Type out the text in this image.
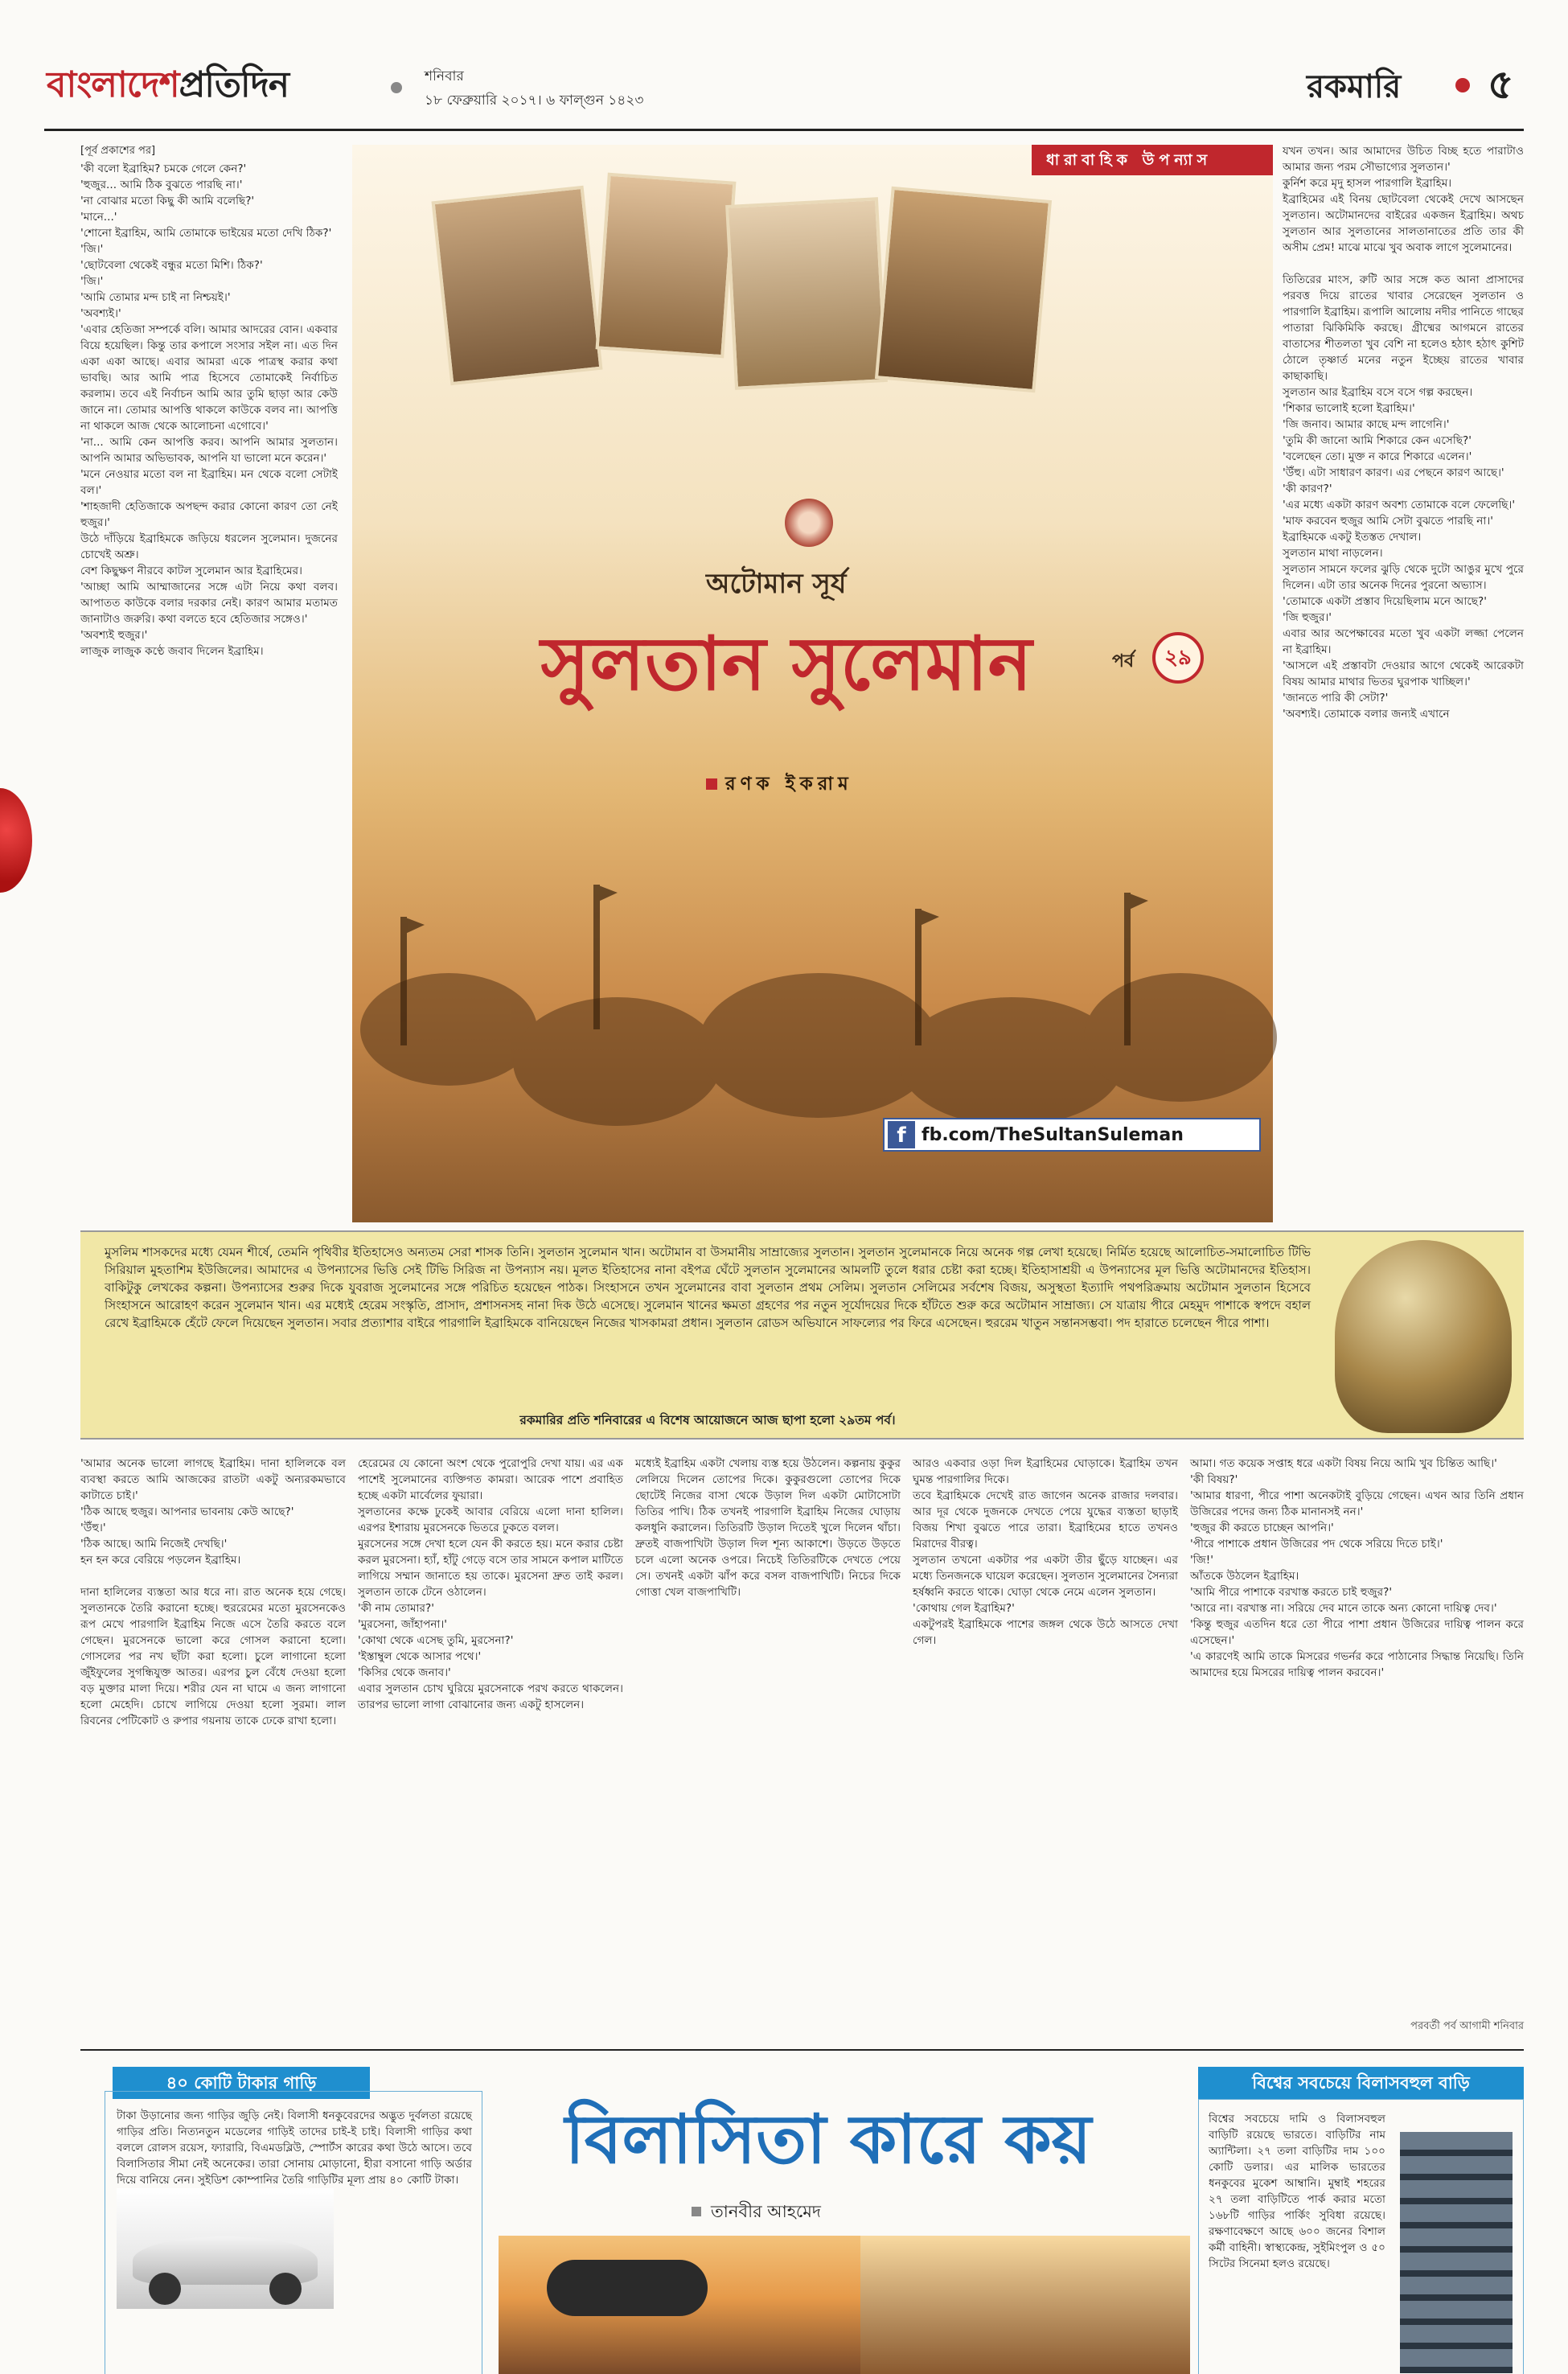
বাংলাদেশপ্রতিদিন	শনিবার
১৮ ফেব্রুয়ারি ২০১৭। ৬ ফাল্গুন ১৪২৩	রকমারি ৫
[পূর্ব প্রকাশের পর]
'কী বলো ইব্রাহিম? চমকে গেলে কেন?'
'হুজুর... আমি ঠিক বুঝতে পারছি না।'
'না বোঝার মতো কিছু কী আমি বলেছি?'
'মানে...'
'শোনো ইব্রাহিম, আমি তোমাকে ভাইয়ের মতো দেখি ঠিক?'
'জি।'
'ছোটবেলা থেকেই বন্ধুর মতো মিশি। ঠিক?'
'জি।'
'আমি তোমার মন্দ চাই না নিশ্চয়ই।'
'অবশ্যই।'
'এবার হেতিজা সম্পর্কে বলি। আমার আদরের বোন। একবার বিয়ে হয়েছিল। কিন্তু তার কপালে সংসার সইল না। এত দিন একা একা আছে। এবার আমরা একে পাত্রস্থ করার কথা ভাবছি। আর আমি পাত্র হিসেবে তোমাকেই নির্বাচিত করলাম। তবে এই নির্বাচন আমি আর তুমি ছাড়া আর কেউ জানে না। তোমার আপত্তি থাকলে কাউকে বলব না। আপত্তি না থাকলে আজ থেকে আলোচনা এগোবে।'
'না... আমি কেন আপত্তি করব। আপনি আমার সুলতান। আপনি আমার অভিভাবক, আপনি যা ভালো মনে করেন।'
'মনে নেওয়ার মতো বল না ইব্রাহিম। মন থেকে বলো সেটাই বল।'
'শাহজাদী হেতিজাকে অপছন্দ করার কোনো কারণ তো নেই হুজুর।'
উঠে দাঁড়িয়ে ইব্রাহিমকে জড়িয়ে ধরলেন সুলেমান। দুজনের চোখেই অশ্রু।
বেশ কিছুক্ষণ নীরবে কাটল সুলেমান আর ইব্রাহিমের।
'আচ্ছা আমি আম্মাজানের সঙ্গে এটা নিয়ে কথা বলব। আপাতত কাউকে বলার দরকার নেই। কারণ আমার মতামত জানাটাও জরুরি। কথা বলতে হবে হেতিজার সঙ্গেও।'
'অবশ্যই হুজুর।'
লাজুক লাজুক কণ্ঠে জবাব দিলেন ইব্রাহিম।
ধারাবাহিক উপন্যাস
অটোমান সূর্য
সুলতান সুলেমান	পর্ব	২৯
রণক ইকরাম
f fb.com/TheSultanSuleman
যখন তখন। আর আমাদের উচিত বিচ্ছ হতে পারাটাও আমার জন্য পরম সৌভাগ্যের সুলতান।'
কুর্নিশ করে মৃদু হাসল পারগালি ইব্রাহিম।
ইব্রাহিমের এই বিনয় ছোটবেলা থেকেই দেখে আসছেন সুলতান। অটোমানদের বাইরের একজন ইব্রাহিম। অথচ সুলতান আর সুলতানের সালতানাতের প্রতি তার কী অসীম প্রেম! মাঝে মাঝে খুব অবাক লাগে সুলেমানের।

তিতিরের মাংস, রুটি আর সঙ্গে কত আনা প্রাসাদের পরবত্ত দিয়ে রাতের খাবার সেরেছেন সুলতান ও পারগালি ইব্রাহিম। রূপালি আলোয় নদীর পানিতে গাছের পাতারা ঝিকিমিকি করছে। গ্রীষ্মের আগমনে রাতের বাতাসের শীতলতা খুব বেশি না হলেও হঠাৎ হঠাৎ কুশিট ঠোলে তৃষ্ণার্ত মনের নতুন ইচ্ছেয় রাতের খাবার কাছাকাছি।
সুলতান আর ইব্রাহিম বসে বসে গল্প করছেন।
'শিকার ভালোই হলো ইব্রাহিম।'
'জি জনাব। আমার কাছে মন্দ লাগেনি।'
'তুমি কী জানো আমি শিকারে কেন এসেছি?'
'বলেছেন তো। মুক্ত ন কারে শিকারে এলেন।'
'উঁহু। এটা সাধারণ কারণ। এর পেছনে কারণ আছে।'
'কী কারণ?'
'এর মধ্যে একটা কারণ অবশ্য তোমাকে বলে ফেলেছি।'
'মাফ করবেন হুজুর আমি সেটা বুঝতে পারছি না।'
ইব্রাহিমকে একটু ইতস্তত দেখাল।
সুলতান মাথা নাড়লেন।
সুলতান সামনে ফলের ঝুড়ি থেকে দুটো আঙুর মুখে পুরে দিলেন। এটা তার অনেক দিনের পুরনো অভ্যাস।
'তোমাকে একটা প্রস্তাব দিয়েছিলাম মনে আছে?'
'জি হুজুর।'
এবার আর অপেক্ষাবের মতো খুব একটা লজ্জা পেলেন না ইব্রাহিম।
'আসলে এই প্রস্তাবটা দেওয়ার আগে থেকেই আরেকটা বিষয় আমার মাথার ভিতর ঘুরপাক খাচ্ছিল।'
'জানতে পারি কী সেটা?'
'অবশ্যই। তোমাকে বলার জন্যই এখানে
মুসলিম শাসকদের মধ্যে যেমন শীর্ষে, তেমনি পৃথিবীর ইতিহাসেও অন্যতম সেরা শাসক তিনি। সুলতান সুলেমান খান। অটোমান বা উসমানীয় সাম্রাজ্যের সুলতান। সুলতান সুলেমানকে নিয়ে অনেক গল্প লেখা হয়েছে। নির্মিত হয়েছে আলোচিত-সমালোচিত টিভি সিরিয়াল মুহতাশিম ইউজিলের। আমাদের এ উপন্যাসের ভিত্তি সেই টিভি সিরিজ না উপন্যাস নয়। মূলত ইতিহাসের নানা বইপত্র ঘেঁটে সুলতান সুলেমানের আমলটি তুলে ধরার চেষ্টা করা হচ্ছে। ইতিহাসাশ্রয়ী এ উপন্যাসের মূল ভিত্তি অটোমানদের ইতিহাস। বাকিটুকু লেখকের কল্পনা। উপন্যাসের শুরুর দিকে যুবরাজ সুলেমানের সঙ্গে পরিচিত হয়েছেন পাঠক। সিংহাসনে তখন সুলেমানের বাবা সুলতান প্রথম সেলিম। সুলতান সেলিমের সর্বশেষ বিজয়, অসুস্থতা ইত্যাদি পথপরিক্রমায় অটোমান সুলতান হিসেবে সিংহাসনে আরোহণ করেন সুলেমান খান। এর মধ্যেই হেরেম সংস্কৃতি, প্রাসাদ, প্রশাসনসহ নানা দিক উঠে এসেছে। সুলেমান খানের ক্ষমতা গ্রহণের পর নতুন সূর্যোদয়ের দিকে হাঁটতে শুরু করে অটোমান সাম্রাজ্য। সে যাত্রায় পীরে মেহমুদ পাশাকে স্বপদে বহাল রেখে ইব্রাহিমকে হেঁটে ফেলে দিয়েছেন সুলতান। সবার প্রত্যাশার বাইরে পারগালি ইব্রাহিমকে বানিয়েছেন নিজের খাসকামরা প্রধান। সুলতান রোডস অভিযানে সাফল্যের পর ফিরে এসেছেন। হুররেম খাতুন সন্তানসম্ভবা। পদ হারাতে চলেছেন পীরে পাশা।
রকমারির প্রতি শনিবারের এ বিশেষ আয়োজনে আজ ছাপা হলো ২৯তম পর্ব।
'আমার অনেক ভালো লাগছে ইব্রাহিম। দানা হালিলকে বল ব্যবস্থা করতে আমি আজকের রাতটা একটু অন্যরকমভাবে কাটাতে চাই।'
'ঠিক আছে হুজুর। আপনার ভাবনায় কেউ আছে?'
'উঁহু।'
'ঠিক আছে। আমি নিজেই দেখছি।'
হন হন করে বেরিয়ে পড়লেন ইব্রাহিম।

দানা হালিলের ব্যস্ততা আর ধরে না। রাত অনেক হয়ে গেছে। সুলতানকে তৈরি করানো হচ্ছে। হুররেমের মতো মুরসেনকেও রূপ মেখে পারগালি ইব্রাহিম নিজে এসে তৈরি করতে বলে গেছেন। মুরসেনকে ভালো করে গোসল করানো হলো। গোসলের পর নখ ছাঁটা করা হলো। চুলে লাগানো হলো জুঁইফুলের সুগন্ধিযুক্ত আতর। এরপর চুল বেঁধে দেওয়া হলো বড় মুক্তার মালা দিয়ে। শরীর যেন না ঘামে এ জন্য লাগানো হলো মেহেদি। চোখে লাগিয়ে দেওয়া হলো সুরমা। লাল রিবনের পেটিকোট ও রুপার গয়নায় তাকে ঢেকে রাখা হলো।
হেরেমের যে কোনো অংশ থেকে পুরোপুরি দেখা যায়। এর এক পাশেই সুলেমানের ব্যক্তিগত কামরা। আরেক পাশে প্রবাহিত হচ্ছে একটা মার্বেলের ফুয়ারা।
সুলতানের কক্ষে ঢুকেই আবার বেরিয়ে এলো দানা হালিল। এরপর ইশারায় মুরসেনকে ভিতরে ঢুকতে বলল।
মুরসেনের সঙ্গে দেখা হলে যেন কী করতে হয়। মনে করার চেষ্টা করল মুরসেনা। হ্যাঁ, হাঁটু গেড়ে বসে তার সামনে কপাল মাটিতে লাগিয়ে সম্মান জানাতে হয় তাকে। মুরসেনা দ্রুত তাই করল। সুলতান তাকে টেনে ওঠালেন।
'কী নাম তোমার?'
'মুরসেনা, জাঁহাপনা।'
'কোথা থেকে এসেছ তুমি, মুরসেনা?'
'ইস্তাম্বুল থেকে আসার পথে।'
'কিসির থেকে জনাব।'
এবার সুলতান চোখ ঘুরিয়ে মুরসেনাকে পরখ করতে থাকলেন। তারপর ভালো লাগা বোঝানোর জন্য একটু হাসলেন।
মধ্যেই ইব্রাহিম একটা খেলায় ব্যস্ত হয়ে উঠলেন। কল্পনায় কুকুর লেলিয়ে দিলেন তোপের দিকে। কুকুরগুলো তোপের দিকে ছোটেই নিজের বাসা থেকে উড়াল দিল একটা মোটাসোটা তিতির পাখি। ঠিক তখনই পারগালি ইব্রাহিম নিজের ঘোড়ায় কলধুনি করালেন। তিতিরটি উড়াল দিতেই খুলে দিলেন থাঁচা। দ্রুতই বাজপাখিটা উড়াল দিল শূন্য আকাশে। উড়তে উড়তে চলে এলো অনেক ওপরে। নিচেই তিতিরটিকে দেখতে পেয়ে সে। তখনই একটা ঝাঁপ করে বসল বাজপাখিটি। নিচের দিকে গোত্তা খেল বাজপাখিটি।
আরও একবার ওড়া দিল ইব্রাহিমের ঘোড়াকে। ইব্রাহিম তখন ঘুমন্ত পারগালির দিকে।
তবে ইব্রাহিমকে দেখেই রাত জাগেন অনেক রাজার দলবার। আর দূর থেকে দুজনকে দেখতে পেয়ে যুদ্ধের ব্যস্ততা ছাড়াই বিজয় শিখা বুঝতে পারে তারা। ইব্রাহিমের হাতে তখনও মিরাদের বীরত্ব।
সুলতান তখনো একটার পর একটা তীর ছুঁড়ে যাচ্ছেন। এর মধ্যে তিনজনকে ঘায়েল করেছেন। সুলতান সুলেমানের সৈন্যরা হর্ষধ্বনি করতে থাকে। ঘোড়া থেকে নেমে এলেন সুলতান।
'কোথায় গেল ইব্রাহিম?'
একটুপরই ইব্রাহিমকে পাশের জঙ্গল থেকে উঠে আসতে দেখা গেল।
আমা। গত কয়েক সপ্তাহ ধরে একটা বিষয় নিয়ে আমি খুব চিন্তিত আছি।'
'কী বিষয়?'
'আমার ধারণা, পীরে পাশা অনেকটাই বুড়িয়ে গেছেন। এখন আর তিনি প্রধান উজিরের পদের জন্য ঠিক মানানসই নন।'
'হুজুর কী করতে চাচ্ছেন আপনি।'
'পীরে পাশাকে প্রধান উজিরের পদ থেকে সরিয়ে দিতে চাই।'
'জি!'
আঁতকে উঠলেন ইব্রাহিম।
'আমি পীরে পাশাকে বরখাস্ত করতে চাই হুজুর?'
'আরে না। বরখাস্ত না। সরিয়ে দেব মানে তাকে অন্য কোনো দায়িত্ব দেব।'
'কিন্তু হুজুর এতদিন ধরে তো পীরে পাশা প্রধান উজিরের দায়িত্ব পালন করে এসেছেন।'
'এ কারণেই আমি তাকে মিসরের গভর্নর করে পাঠানোর সিদ্ধান্ত নিয়েছি। তিনি আমাদের হয়ে মিসরের দায়িত্ব পালন করবেন।'
পরবর্তী পর্ব আগামী শনিবার
৪০ কোটি টাকার গাড়ি
টাকা উড়ানোর জন্য গাড়ির জুড়ি নেই। বিলাসী ধনকুবেরদের অদ্ভুত দুর্বলতা রয়েছে গাড়ির প্রতি। নিত্যনতুন মডেলের গাড়িই তাদের চাই-ই চাই। বিলাসী গাড়ির কথা বললে রোলস রয়েস, ফ্যারারি, বিএমডব্লিউ, স্পোর্টস কারের কথা উঠে আসে। তবে বিলাসিতার সীমা নেই অনেকের। তারা সোনায় মোড়ানো, হীরা বসানো গাড়ি অর্ডার দিয়ে বানিয়ে নেন। সুইডিশ কোম্পানির তৈরি গাড়িটির মূল্য প্রায় ৪০ কোটি টাকা।
বিলাসিতা কারে কয়
তানবীর আহমেদ
বিশ্বের সবচেয়ে বিলাসবহুল বাড়ি
বিশ্বের সবচেয়ে দামি ও বিলাসবহুল বাড়িটি রয়েছে ভারতে। বাড়িটির নাম অ্যান্টিলা। ২৭ তলা বাড়িটির দাম ১০০ কোটি ডলার। এর মালিক ভারতের ধনকুবের মুকেশ আম্বানি। মুম্বাই শহরের ২৭ তলা বাড়িটিতে পার্ক করার মতো ১৬৮টি গাড়ির পার্কিং সুবিধা রয়েছে। রক্ষণাবেক্ষণে আছে ৬০০ জনের বিশাল কর্মী বাহিনী। স্বাস্থ্যকেন্দ্র, সুইমিংপুল ও ৫০ সিটের সিনেমা হলও রয়েছে।
